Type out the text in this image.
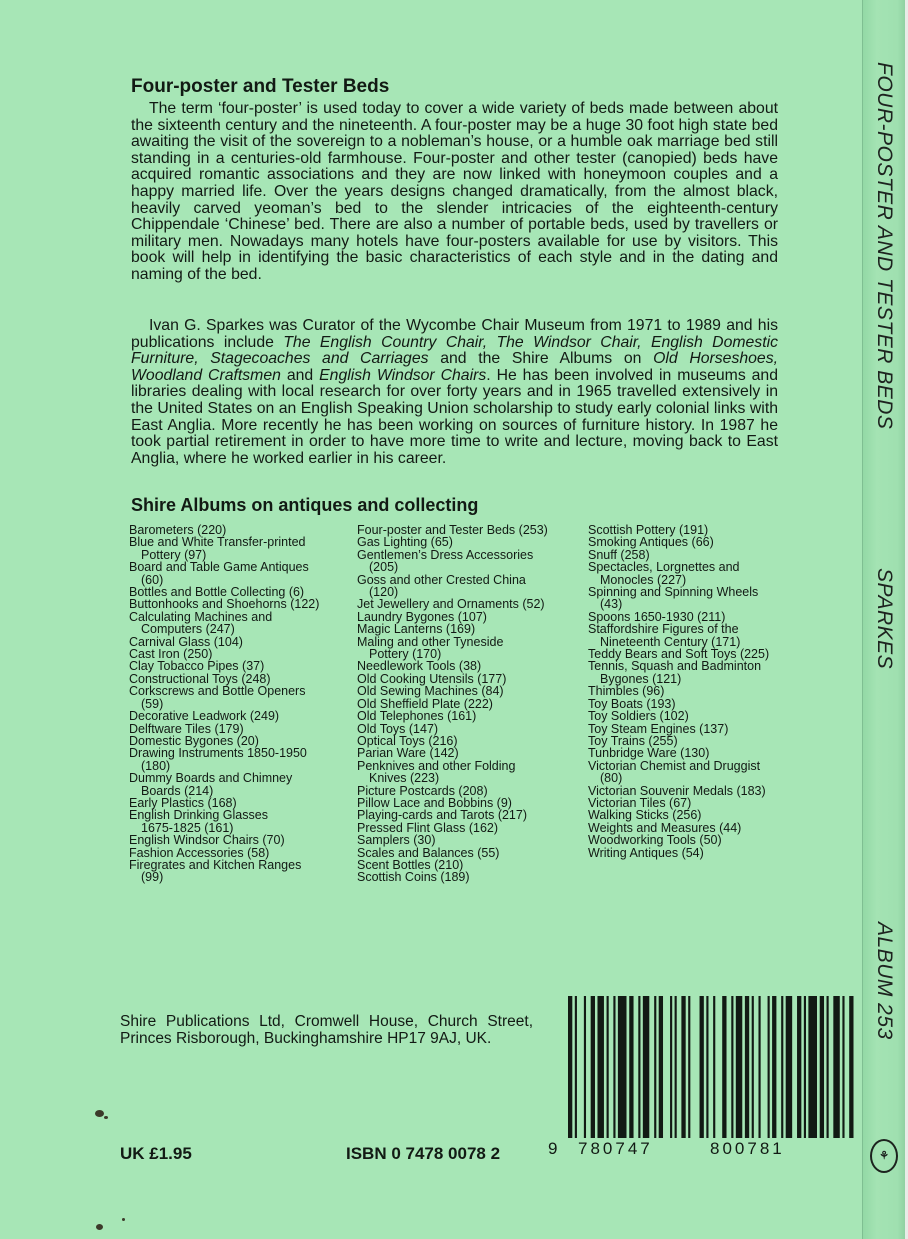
FOUR-POSTER AND TESTER BEDS
SPARKES
ALBUM 253
⚘
Four-poster and Tester Beds

The term ‘four-poster’ is used today to cover a wide variety of beds made between about the sixteenth century and the nineteenth. A four-poster may be a huge 30 foot high state bed awaiting the visit of the sovereign to a nobleman’s house, or a humble oak marriage bed still standing in a centuries-old farmhouse. Four-poster and other tester (canopied) beds have acquired romantic associations and they are now linked with honeymoon couples and a happy married life. Over the years designs changed dramatically, from the almost black, heavily carved yeoman’s bed to the slender intricacies of the eighteenth-century Chippendale ‘Chinese’ bed. There are also a number of portable beds, used by travellers or military men. Nowadays many hotels have four-posters available for use by visitors. This book will help in identifying the basic characteristics of each style and in the dating and naming of the bed.

Ivan G. Sparkes was Curator of the Wycombe Chair Museum from 1971 to 1989 and his publications include The English Country Chair, The Windsor Chair, English Domestic Furniture, Stagecoaches and Carriages and the Shire Albums on Old Horseshoes, Woodland Craftsmen and English Windsor Chairs. He has been involved in museums and libraries dealing with local research for over forty years and in 1965 travelled extensively in the United States on an English Speaking Union scholarship to study early colonial links with East Anglia. More recently he has been working on sources of furniture history. In 1987 he took partial retirement in order to have more time to write and lecture, moving back to East Anglia, where he worked earlier in his career.

Shire Albums on antiques and collecting
Barometers (220)
Blue and White Transfer-printed
Pottery (97)
Board and Table Game Antiques
(60)
Bottles and Bottle Collecting (6)
Buttonhooks and Shoehorns (122)
Calculating Machines and
Computers (247)
Carnival Glass (104)
Cast Iron (250)
Clay Tobacco Pipes (37)
Constructional Toys (248)
Corkscrews and Bottle Openers
(59)
Decorative Leadwork (249)
Delftware Tiles (179)
Domestic Bygones (20)
Drawing Instruments 1850-1950
(180)
Dummy Boards and Chimney
Boards (214)
Early Plastics (168)
English Drinking Glasses
1675-1825 (161)
English Windsor Chairs (70)
Fashion Accessories (58)
Firegrates and Kitchen Ranges
(99)
Four-poster and Tester Beds (253)
Gas Lighting (65)
Gentlemen’s Dress Accessories
(205)
Goss and other Crested China
(120)
Jet Jewellery and Ornaments (52)
Laundry Bygones (107)
Magic Lanterns (169)
Maling and other Tyneside
Pottery (170)
Needlework Tools (38)
Old Cooking Utensils (177)
Old Sewing Machines (84)
Old Sheffield Plate (222)
Old Telephones (161)
Old Toys (147)
Optical Toys (216)
Parian Ware (142)
Penknives and other Folding
Knives (223)
Picture Postcards (208)
Pillow Lace and Bobbins (9)
Playing-cards and Tarots (217)
Pressed Flint Glass (162)
Samplers (30)
Scales and Balances (55)
Scent Bottles (210)
Scottish Coins (189)
Scottish Pottery (191)
Smoking Antiques (66)
Snuff (258)
Spectacles, Lorgnettes and
Monocles (227)
Spinning and Spinning Wheels
(43)
Spoons 1650-1930 (211)
Staffordshire Figures of the
Nineteenth Century (171)
Teddy Bears and Soft Toys (225)
Tennis, Squash and Badminton
Bygones (121)
Thimbles (96)
Toy Boats (193)
Toy Soldiers (102)
Toy Steam Engines (137)
Toy Trains (255)
Tunbridge Ware (130)
Victorian Chemist and Druggist
(80)
Victorian Souvenir Medals (183)
Victorian Tiles (67)
Walking Sticks (256)
Weights and Measures (44)
Woodworking Tools (50)
Writing Antiques (54)

Shire Publications Ltd, Cromwell House, Church Street, Princes Risborough, Buckinghamshire HP17 9AJ, UK.

9 780747	800781
UK £1.95	ISBN 0 7478 0078 2
